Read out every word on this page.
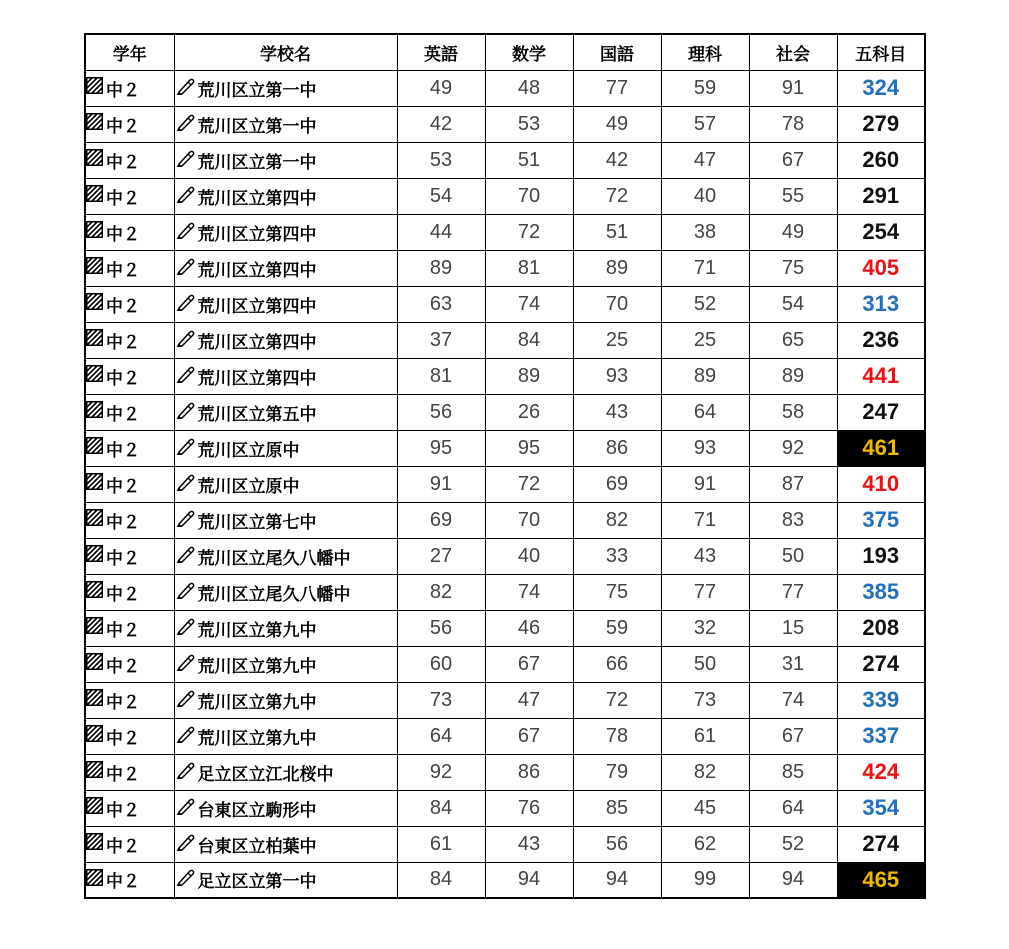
学年	学校名	英語	数学	国語	理科	社会	五科目
中２	荒川区立第一中	49	48	77	59	91	324
中２	荒川区立第一中	42	53	49	57	78	279
中２	荒川区立第一中	53	51	42	47	67	260
中２	荒川区立第四中	54	70	72	40	55	291
中２	荒川区立第四中	44	72	51	38	49	254
中２	荒川区立第四中	89	81	89	71	75	405
中２	荒川区立第四中	63	74	70	52	54	313
中２	荒川区立第四中	37	84	25	25	65	236
中２	荒川区立第四中	81	89	93	89	89	441
中２	荒川区立第五中	56	26	43	64	58	247
中２	荒川区立原中	95	95	86	93	92	461
中２	荒川区立原中	91	72	69	91	87	410
中２	荒川区立第七中	69	70	82	71	83	375
中２	荒川区立尾久八幡中	27	40	33	43	50	193
中２	荒川区立尾久八幡中	82	74	75	77	77	385
中２	荒川区立第九中	56	46	59	32	15	208
中２	荒川区立第九中	60	67	66	50	31	274
中２	荒川区立第九中	73	47	72	73	74	339
中２	荒川区立第九中	64	67	78	61	67	337
中２	足立区立江北桜中	92	86	79	82	85	424
中２	台東区立駒形中	84	76	85	45	64	354
中２	台東区立柏葉中	61	43	56	62	52	274
中２	足立区立第一中	84	94	94	99	94	465
